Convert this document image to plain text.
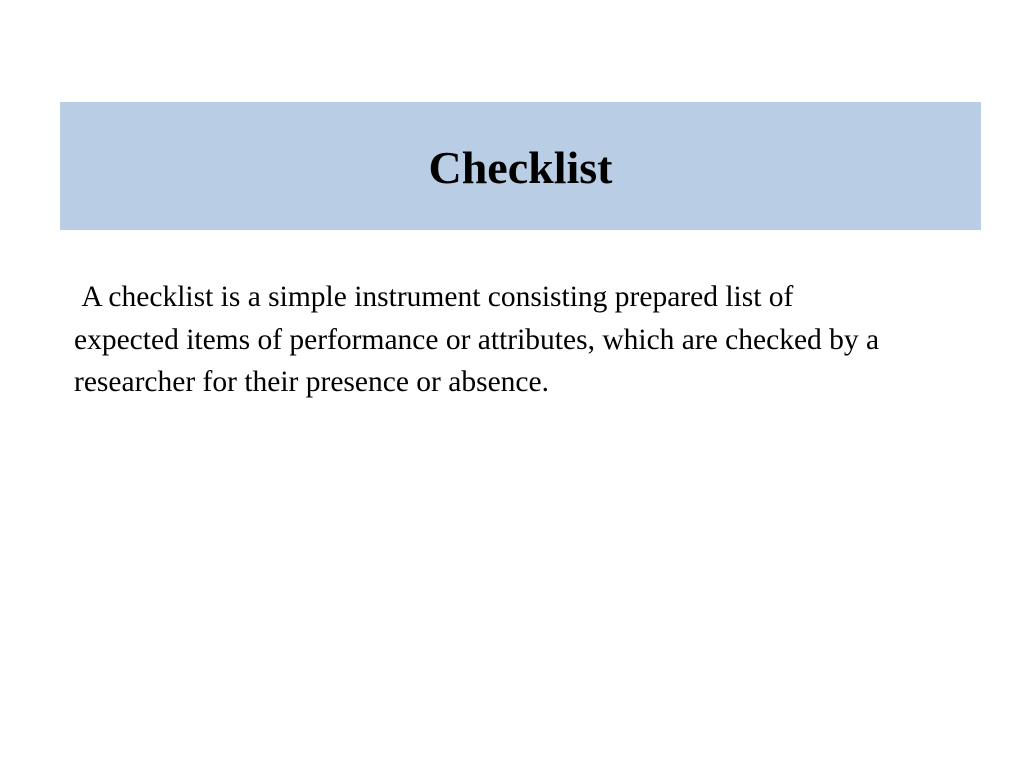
Checklist

A checklist is a simple instrument consisting prepared list of
expected items of performance or attributes, which are checked by a
researcher for their presence or absence.
